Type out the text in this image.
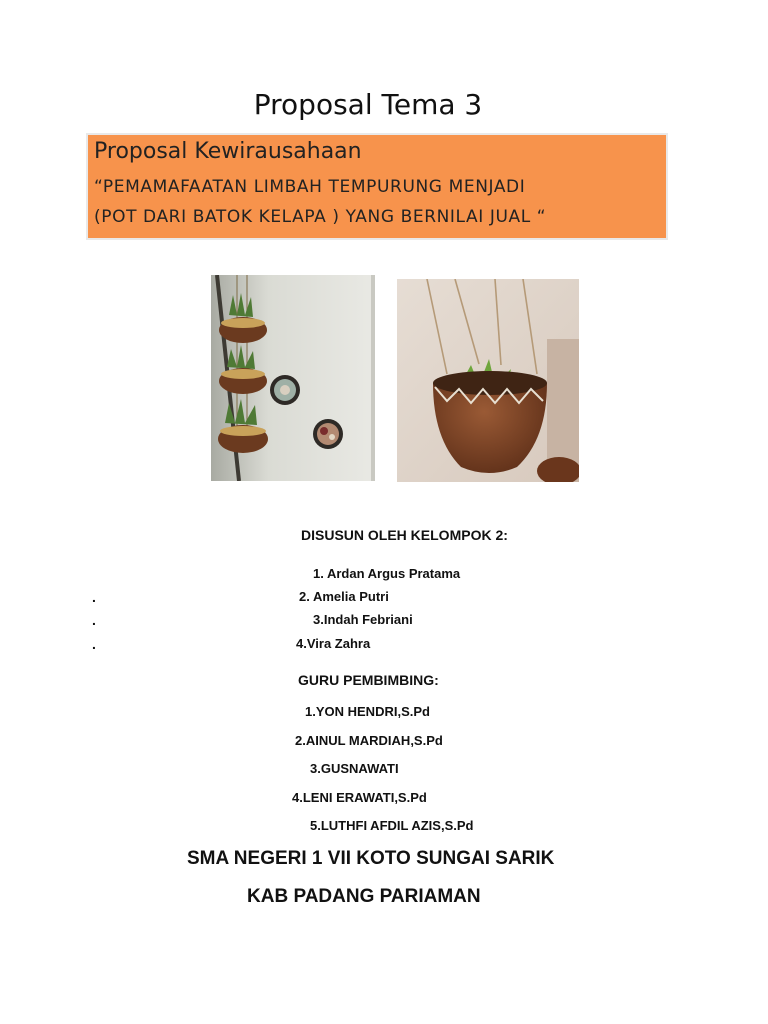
Proposal Tema 3
Proposal Kewirausahaan
“PEMAMAFAATAN LIMBAH TEMPURUNG MENJADI
(POT DARI BATOK KELAPA ) YANG BERNILAI JUAL “
DISUSUN OLEH KELOMPOK 2:
1. Ardan Argus Pratama
.	2. Amelia Putri
.	3.Indah Febriani
.	4.Vira Zahra
GURU PEMBIMBING:
1.YON HENDRI,S.Pd
2.AINUL MARDIAH,S.Pd
3.GUSNAWATI
4.LENI ERAWATI,S.Pd
5.LUTHFI AFDIL AZIS,S.Pd
SMA NEGERI 1 VII KOTO SUNGAI SARIK
KAB PADANG PARIAMAN
